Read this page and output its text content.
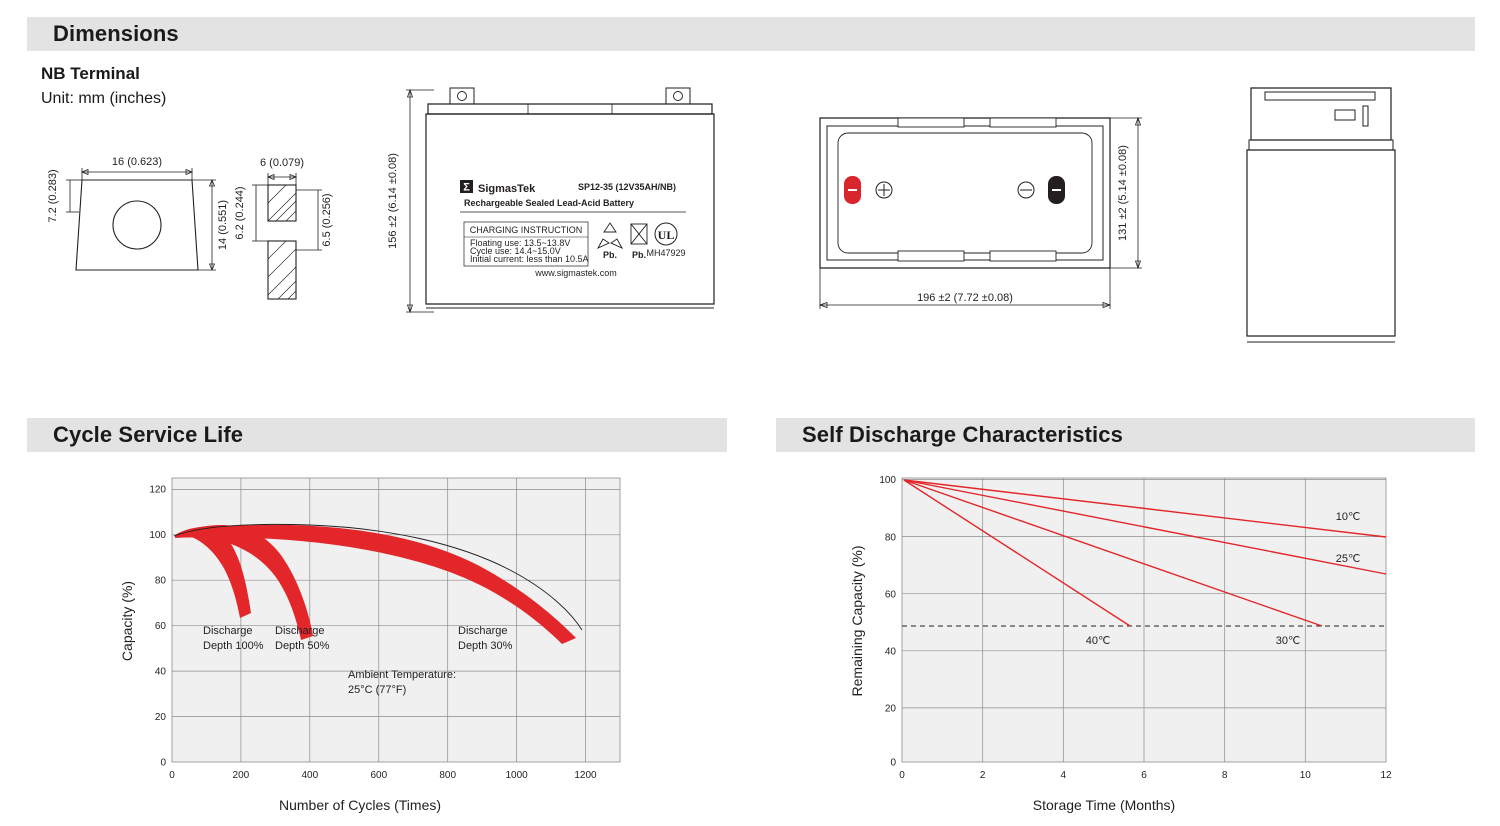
Dimensions
NB Terminal
Unit: mm (inches)
16 (0.623)
7.2 (0.283)
14 (0.551)
6 (0.079)
6.2 (0.244)	6.5 (0.256)	156 ±2 (6.14 ±0.08)	Σ SigmasTek	SP12-35 (12V35AH/NB)
Rechargeable Sealed Lead-Acid Battery
CHARGING INSTRUCTION
Floating use: 13.5~13.8V
Cycle use: 14.4~15.0V
Initial current: less than 10.5A Pb. Pb.
UL
MH47929
www.sigmastek.com
196 ±2 (7.72 ±0.08)
131 ±2 (5.14 ±0.08)
Cycle Service Life
0
20
40
60
80
100
120
0	200	400	600	800	1000	1200
Discharge
Depth 100%
Discharge
Depth 50%
Discharge
Depth 30%
Ambient Temperature:
25°C (77°F)
Capacity (%)
Number of Cycles (Times)
Self Discharge Characteristics
0
20
40
60
80
100
0	2	4	6	8	10	12
40℃	30℃
25℃
10℃
Remaining Capacity (%)
Storage Time (Months)
